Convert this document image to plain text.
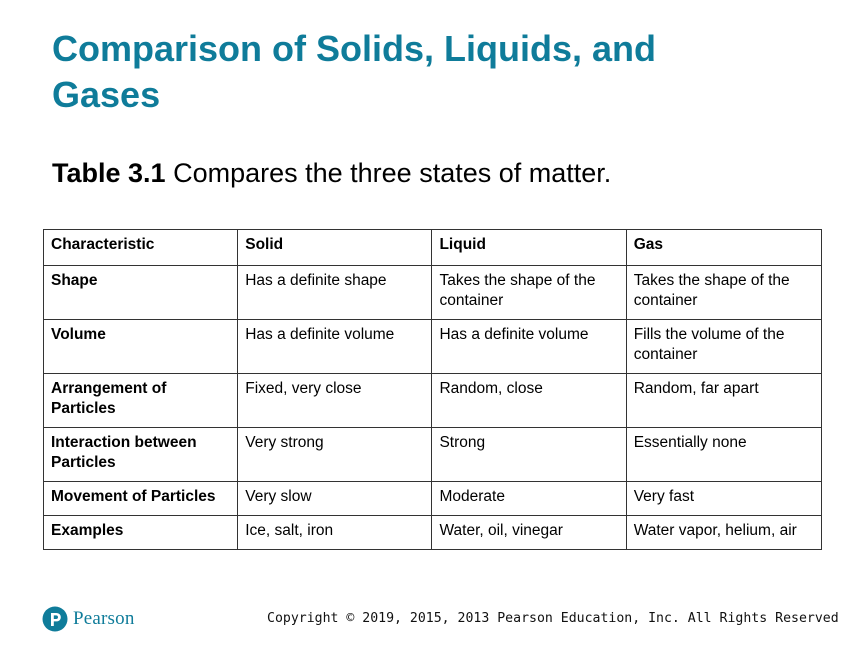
Comparison of Solids, Liquids, and Gases

Table 3.1 Compares the three states of matter.

Characteristic	Solid	Liquid	Gas
Shape	Has a definite shape	Takes the shape of the container	Takes the shape of the container
Volume	Has a definite volume	Has a definite volume	Fills the volume of the container
Arrangement of Particles	Fixed, very close	Random, close	Random, far apart
Interaction between Particles	Very strong	Strong	Essentially none
Movement of Particles	Very slow	Moderate	Very fast
Examples	Ice, salt, iron	Water, oil, vinegar	Water vapor, helium, air
Pearson	Copyright © 2019, 2015, 2013 Pearson Education, Inc. All Rights Reserved
